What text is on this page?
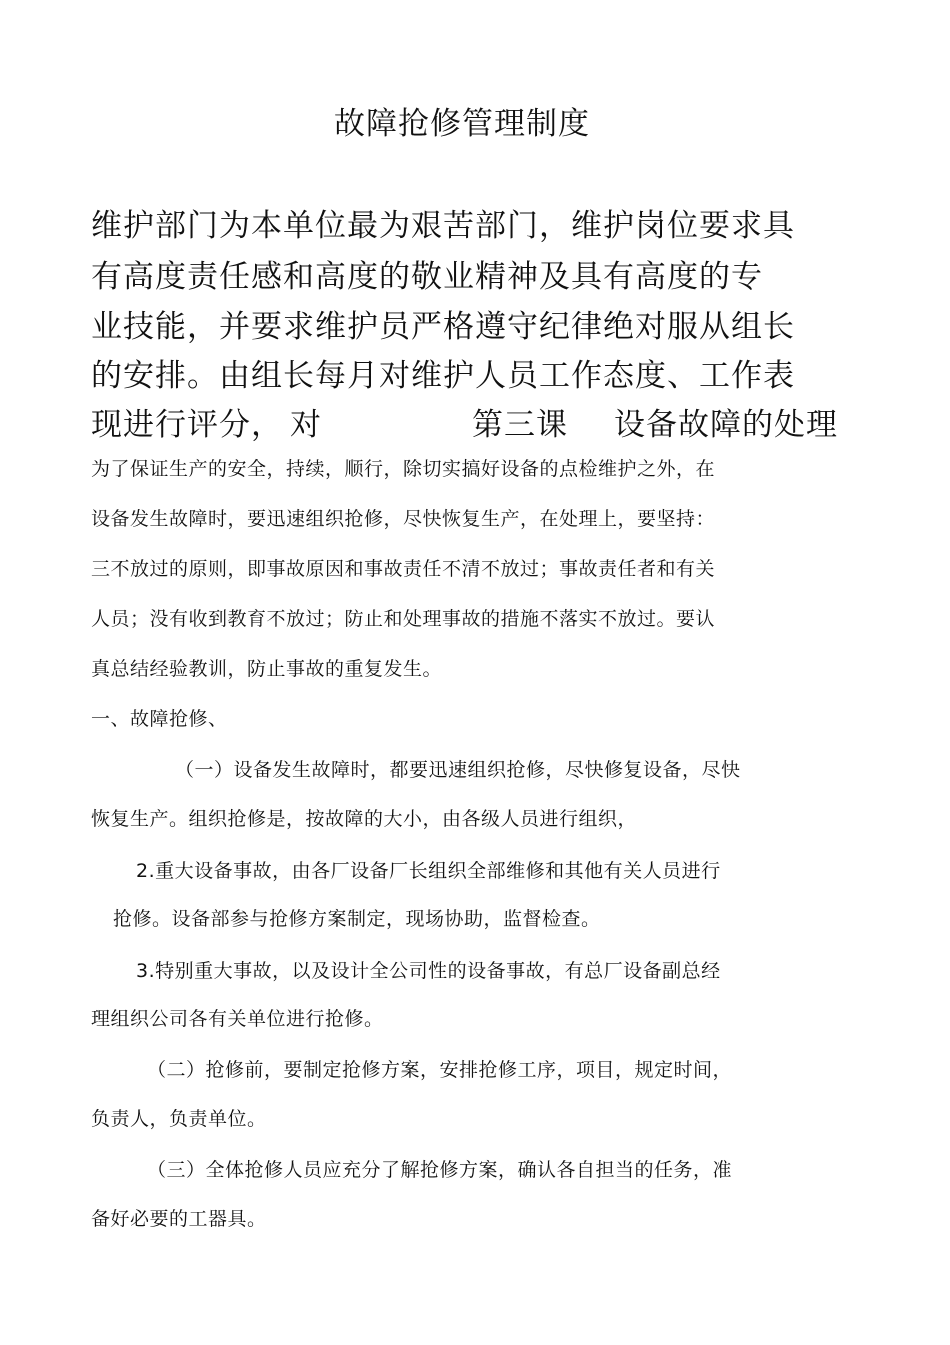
故障抢修管理制度

维护部门为本单位最为艰苦部门，维护岗位要求具

有高度责任感和高度的敬业精神及具有高度的专

业技能，并要求维护员严格遵守纪律绝对服从组长

的安排。由组长每月对维护人员工作态度、工作表

现进行评分， 对	第三课 设备故障的处理

为了保证生产的安全，持续，顺行，除切实搞好设备的点检维护之外，在

设备发生故障时，要迅速组织抢修，尽快恢复生产，在处理上，要坚持：

三不放过的原则，即事故原因和事故责任不清不放过；事故责任者和有关

人员；没有收到教育不放过；防止和处理事故的措施不落实不放过。要认

真总结经验教训，防止事故的重复发生。

一、故障抢修、

（一）设备发生故障时，都要迅速组织抢修，尽快修复设备，尽快

恢复生产。组织抢修是，按故障的大小，由各级人员进行组织，

2.重大设备事故，由各厂设备厂长组织全部维修和其他有关人员进行

抢修。设备部参与抢修方案制定，现场协助，监督检查。

3.特别重大事故，以及设计全公司性的设备事故，有总厂设备副总经

理组织公司各有关单位进行抢修。

（二）抢修前，要制定抢修方案，安排抢修工序，项目，规定时间，

负责人，负责单位。

（三）全体抢修人员应充分了解抢修方案，确认各自担当的任务，准

备好必要的工器具。
